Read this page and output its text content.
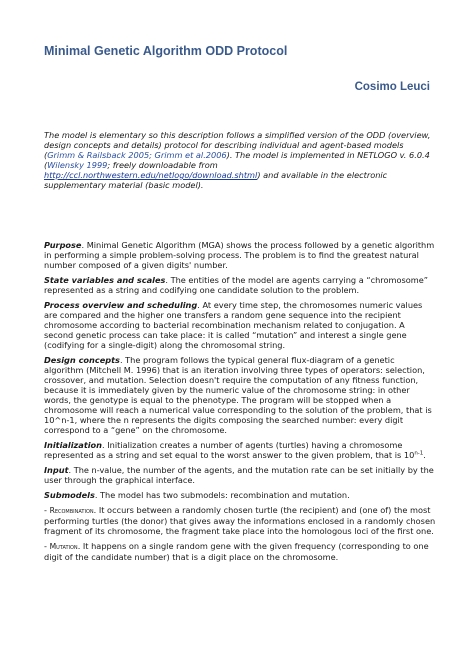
Minimal Genetic Algorithm ODD Protocol
Cosimo Leuci

The model is elementary so this description follows a simplified version of the ODD (overview, design concepts and details) protocol for describing individual and agent-based models (Grimm & Railsback 2005; Grimm et al.2006). The model is implemented in NETLOGO v. 6.0.4 (Wilensky 1999; freely downloadable from http://ccl.northwestern.edu/netlogo/download.shtml) and available in the electronic supplementary material (basic model).

Purpose. Minimal Genetic Algorithm (MGA) shows the process followed by a genetic algorithm in performing a simple problem-solving process. The problem is to find the greatest natural number composed of a given digits' number.

State variables and scales. The entities of the model are agents carrying a “chromosome” represented as a string and codifying one candidate solution to the problem.

Process overview and scheduling. At every time step, the chromosomes numeric values are compared and the higher one transfers a random gene sequence into the recipient chromosome according to bacterial recombination mechanism related to conjugation. A second genetic process can take place: it is called “mutation” and interest a single gene (codifying for a single-digit) along the chromosomal string.

Design concepts. The program follows the typical general flux-diagram of a genetic algorithm (Mitchell M. 1996) that is an iteration involving three types of operators: selection, crossover, and mutation. Selection doesn't require the computation of any fitness function, because it is immediately given by the numeric value of the chromosome string: in other words, the genotype is equal to the phenotype. The program will be stopped when a chromosome will reach a numerical value corresponding to the solution of the problem, that is 10^n-1, where the n represents the digits composing the searched number: every digit correspond to a “gene” on the chromosome.

Initialization. Initialization creates a number of agents (turtles) having a chromosome represented as a string and set equal to the worst answer to the given problem, that is 10$^{n-1}$.

Input. The n-value, the number of the agents, and the mutation rate can be set initially by the user through the graphical interface.

Submodels. The model has two submodels: recombination and mutation.

- Recombination. It occurs between a randomly chosen turtle (the recipient) and (one of) the most performing turtles (the donor) that gives away the informations enclosed in a randomly chosen fragment of its chromosome, the fragment take place into the homologous loci of the first one.

- Mutation. It happens on a single random gene with the given frequency (corresponding to one digit of the candidate number) that is a digit place on the chromosome.
